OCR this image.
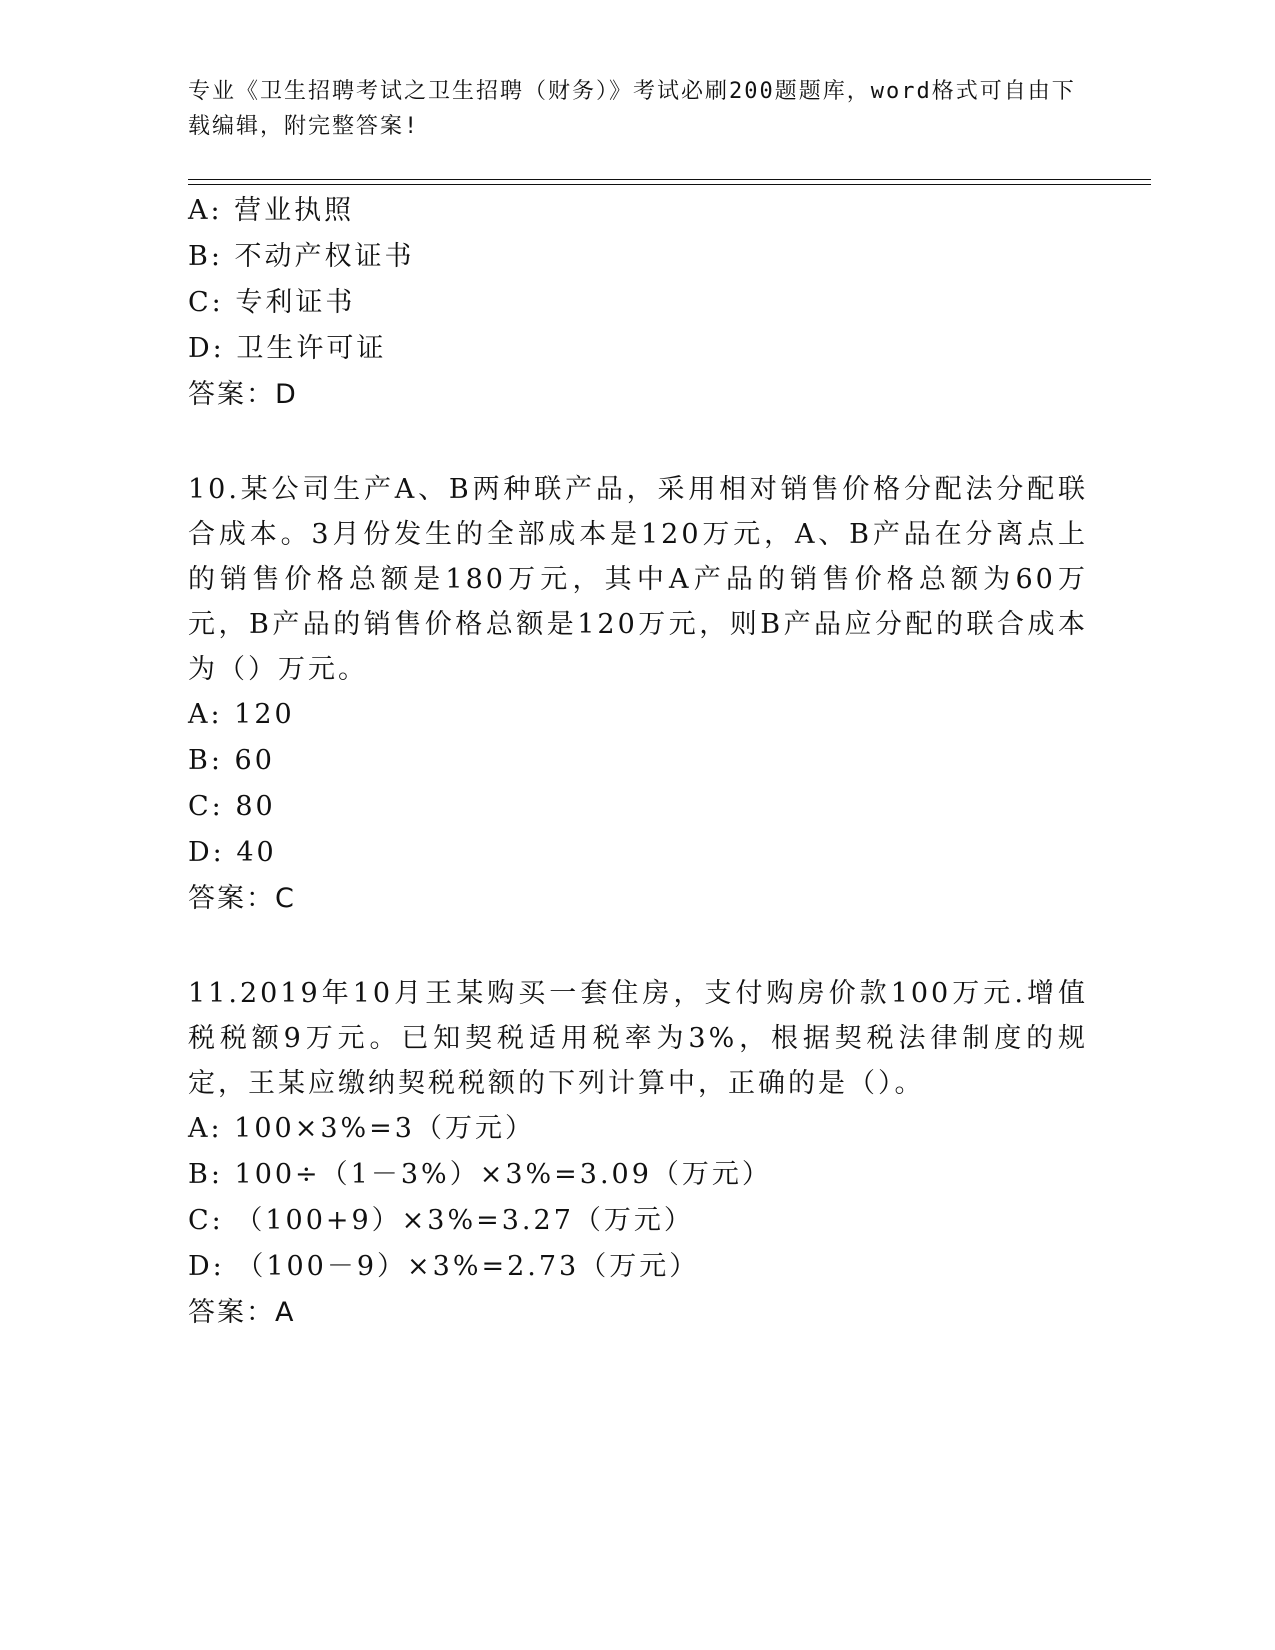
专业《卫生招聘考试之卫生招聘（财务）》考试必刷200题题库，word格式可自由下载编辑，附完整答案!
A: 营业执照
B: 不动产权证书
C: 专利证书
D: 卫生许可证
答案：D
10.某公司生产A、B两种联产品，采用相对销售价格分配法分配联合成本。3月份发生的全部成本是120万元，A、B产品在分离点上的销售价格总额是180万元，其中A产品的销售价格总额为60万元，B产品的销售价格总额是120万元，则B产品应分配的联合成本为（）万元。
A: 120
B: 60
C: 80
D: 40
答案：C
11.2019年10月王某购买一套住房，支付购房价款100万元.增值税税额9万元。已知契税适用税率为3%，根据契税法律制度的规定，王某应缴纳契税税额的下列计算中，正确的是（）。
A: 100×3%=3（万元）
B: 100÷（1－3%）×3%=3.09（万元）
C: （100+9）×3%=3.27（万元）
D: （100－9）×3%=2.73（万元）
答案：A
